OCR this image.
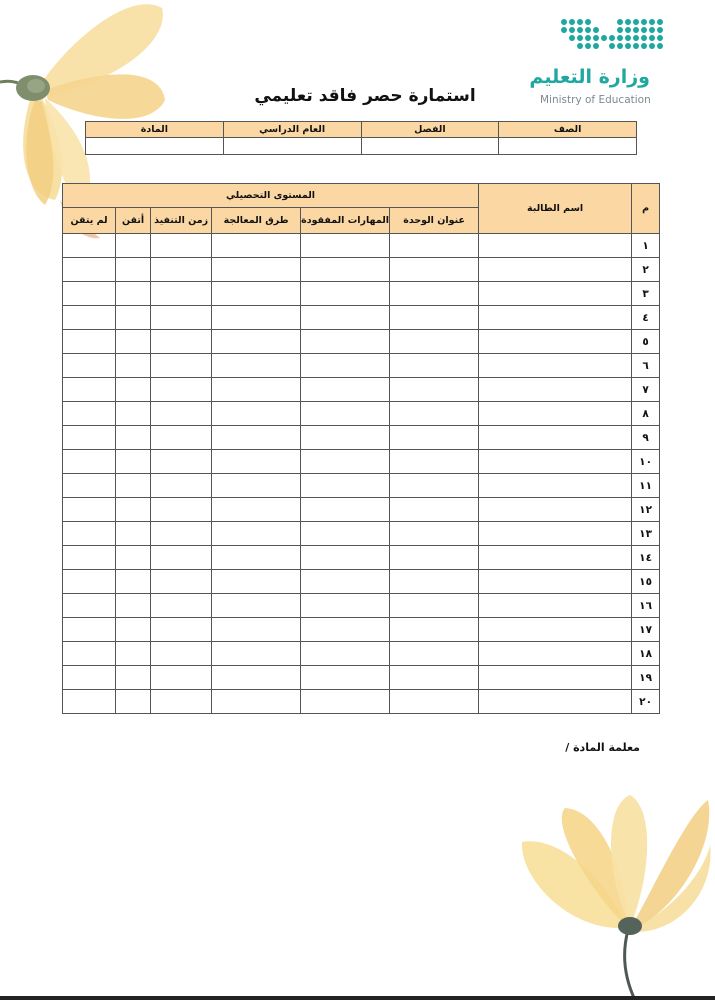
وزارة التعليم
Ministry of Education
استمارة حصر فاقد تعليمي
الصف	الفصل	العام الدراسي	المادة

م	اسم الطالبة	المستوى التحصيلي					
		عنوان الوحدة	المهارات المفقودة	طرق المعالجة	زمن التنفيذ	أتقن	لم يتقن
١							
٢							
٣							
٤							
٥							
٦							
٧							
٨							
٩							
١٠							
١١							
١٢							
١٣							
١٤							
١٥							
١٦							
١٧							
١٨							
١٩							
٢٠							
معلمة المادة /
